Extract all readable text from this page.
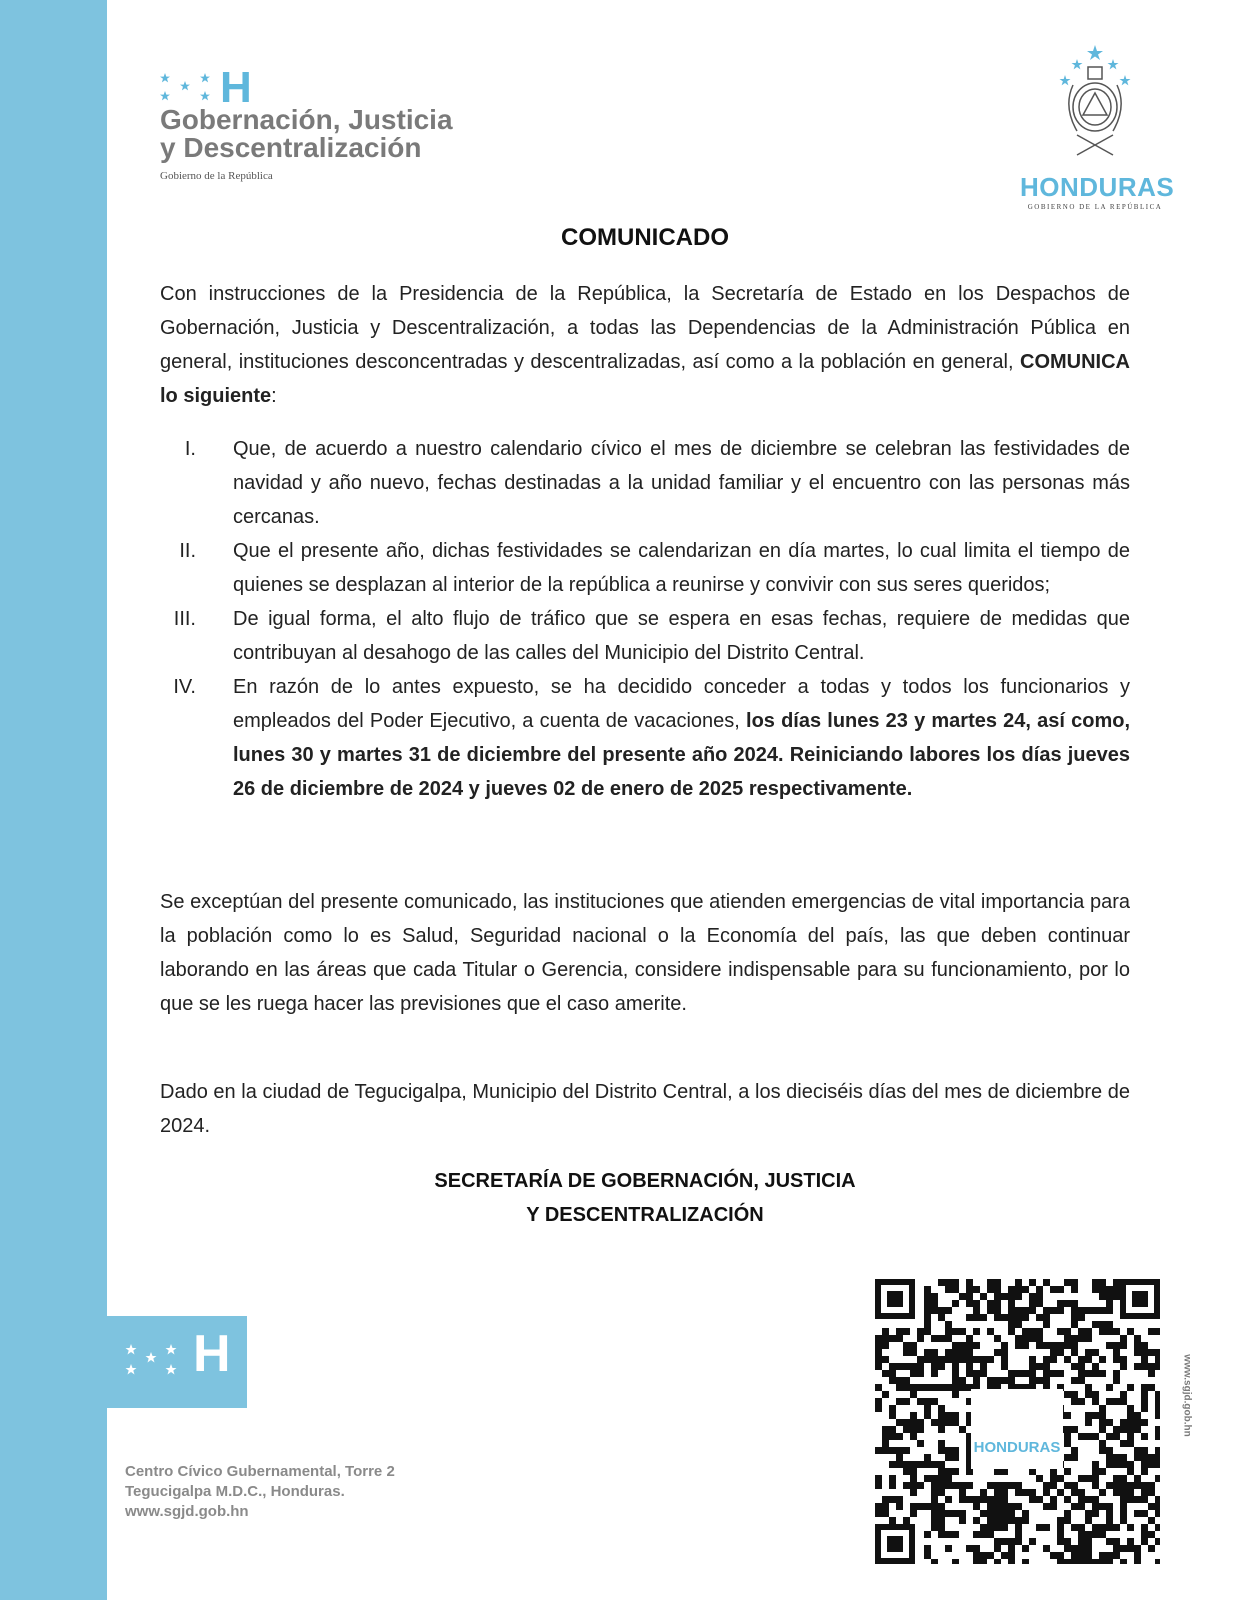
H
H
Gobernación, Justicia
y Descentralización
Gobierno de la República	HONDURAS
GOBIERNO DE LA REPÚBLICA
COMUNICADO

Con instrucciones de la Presidencia de la República, la Secretaría de Estado en los Despachos de Gobernación, Justicia y Descentralización, a todas las Dependencias de la Administración Pública en general, instituciones desconcentradas y descentralizadas, así como a la población en general, COMUNICA lo siguiente:

I. Que, de acuerdo a nuestro calendario cívico el mes de diciembre se celebran las festividades de navidad y año nuevo, fechas destinadas a la unidad familiar y el encuentro con las personas más cercanas.
II. Que el presente año, dichas festividades se calendarizan en día martes, lo cual limita el tiempo de quienes se desplazan al interior de la república a reunirse y convivir con sus seres queridos;
III. De igual forma, el alto flujo de tráfico que se espera en esas fechas, requiere de medidas que contribuyan al desahogo de las calles del Municipio del Distrito Central.
IV. En razón de lo antes expuesto, se ha decidido conceder a todas y todos los funcionarios y empleados del Poder Ejecutivo, a cuenta de vacaciones, los días lunes 23 y martes 24, así como, lunes 30 y martes 31 de diciembre del presente año 2024. Reiniciando labores los días jueves 26 de diciembre de 2024 y jueves 02 de enero de 2025 respectivamente.

Se exceptúan del presente comunicado, las instituciones que atienden emergencias de vital importancia para la población como lo es Salud, Seguridad nacional o la Economía del país, las que deben continuar laborando en las áreas que cada Titular o Gerencia, considere indispensable para su funcionamiento, por lo que se les ruega hacer las previsiones que el caso amerite.

Dado en la ciudad de Tegucigalpa, Municipio del Distrito Central, a los dieciséis días del mes de diciembre de 2024.

SECRETARÍA DE GOBERNACIÓN, JUSTICIA
Y DESCENTRALIZACIÓN
Centro Cívico Gubernamental, Torre 2
Tegucigalpa M.D.C., Honduras.
www.sgjd.gob.hn
HONDURAS
www.sgjd.gob.hn
